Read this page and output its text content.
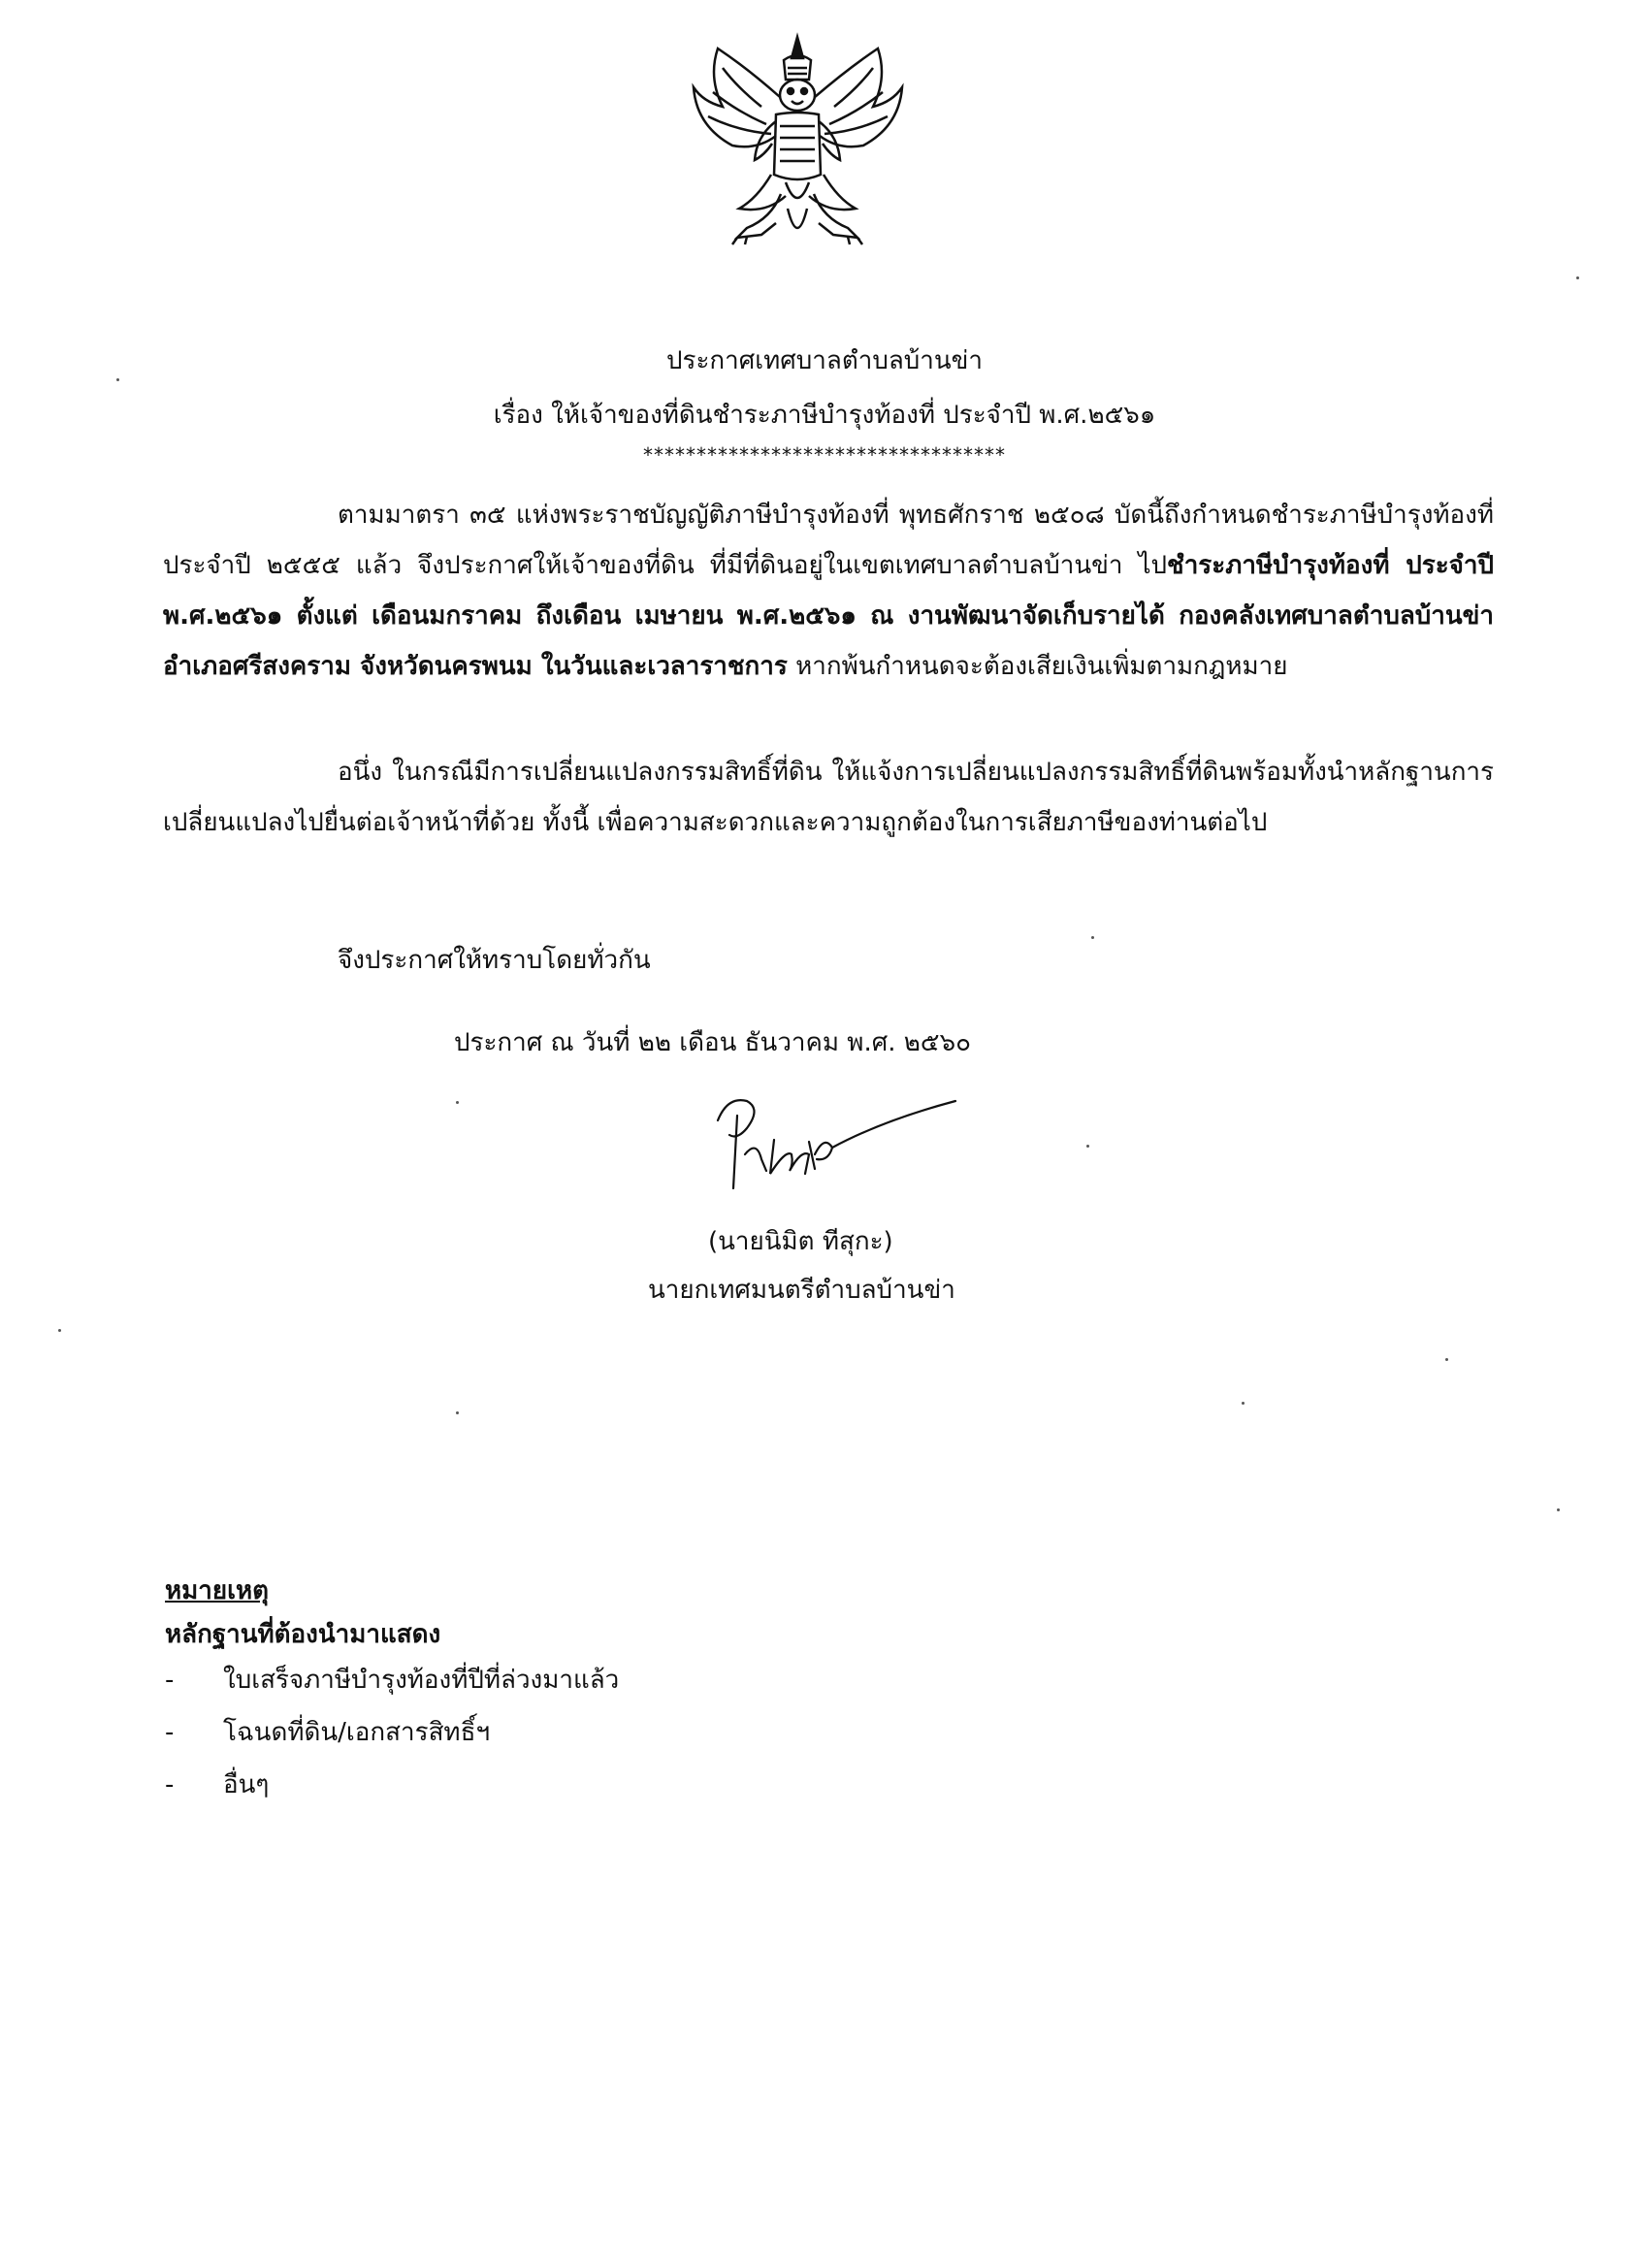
ประกาศเทศบาลตำบลบ้านข่า
เรื่อง ให้เจ้าของที่ดินชำระภาษีบำรุงท้องที่ ประจำปี พ.ศ.๒๕๖๑
**********************************

ตามมาตรา ๓๕ แห่งพระราชบัญญัติภาษีบำรุงท้องที่ พุทธศักราช ๒๕๐๘ บัดนี้ถึงกำหนดชำระภาษีบำรุงท้องที่ ประจำปี ๒๕๕๕ แล้ว จึงประกาศให้เจ้าของที่ดิน ที่มีที่ดินอยู่ในเขตเทศบาลตำบลบ้านข่า ไปชำระภาษีบำรุงท้องที่ ประจำปี พ.ศ.๒๕๖๑ ตั้งแต่ เดือนมกราคม ถึงเดือน เมษายน พ.ศ.๒๕๖๑ ณ งานพัฒนาจัดเก็บรายได้ กองคลังเทศบาลตำบลบ้านข่า อำเภอศรีสงคราม จังหวัดนครพนม ในวันและเวลาราชการ หากพ้นกำหนดจะต้องเสียเงินเพิ่มตามกฎหมาย

อนึ่ง ในกรณีมีการเปลี่ยนแปลงกรรมสิทธิ์ที่ดิน ให้แจ้งการเปลี่ยนแปลงกรรมสิทธิ์ที่ดินพร้อมทั้งนำหลักฐานการเปลี่ยนแปลงไปยื่นต่อเจ้าหน้าที่ด้วย ทั้งนี้ เพื่อความสะดวกและความถูกต้องในการเสียภาษีของท่านต่อไป

จึงประกาศให้ทราบโดยทั่วกัน
ประกาศ ณ วันที่ ๒๒ เดือน ธันวาคม พ.ศ. ๒๕๖๐
(นายนิมิต ทีสุกะ)
นายกเทศมนตรีตำบลบ้านข่า
หมายเหตุ
หลักฐานที่ต้องนำมาแสดง
- ใบเสร็จภาษีบำรุงท้องที่ปีที่ล่วงมาแล้ว
- โฉนดที่ดิน/เอกสารสิทธิ์ฯ
- อื่นๆ
